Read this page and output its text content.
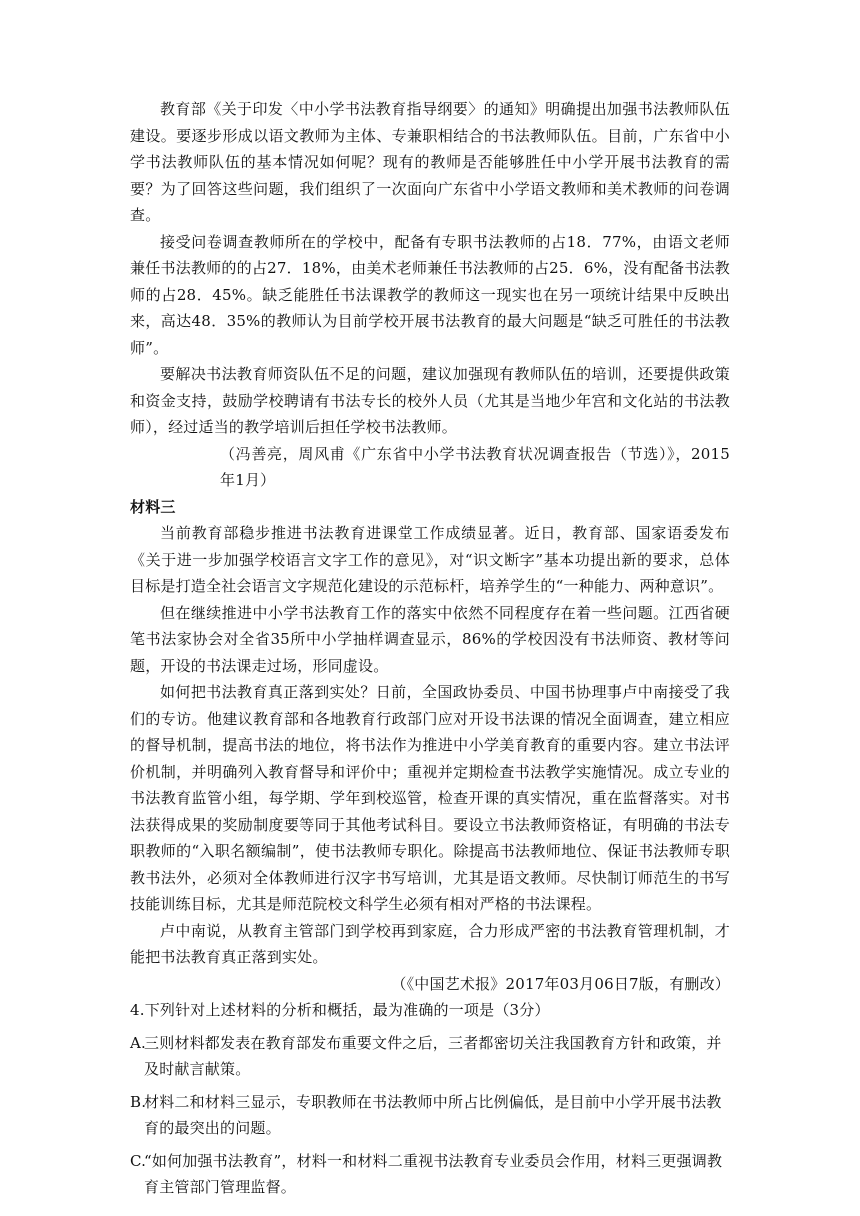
教育部《关于印发〈中小学书法教育指导纲要〉的通知》明确提出加强书法教师队伍建设。要逐步形成以语文教师为主体、专兼职相结合的书法教师队伍。目前，广东省中小学书法教师队伍的基本情况如何呢？现有的教师是否能够胜任中小学开展书法教育的需要？为了回答这些问题，我们组织了一次面向广东省中小学语文教师和美术教师的问卷调查。

接受问卷调查教师所在的学校中，配备有专职书法教师的占18．77%，由语文老师兼任书法教师的的占27．18%，由美术老师兼任书法教师的占25．6%，没有配备书法教师的占28．45%。缺乏能胜任书法课教学的教师这一现实也在另一项统计结果中反映出来，高达48．35%的教师认为目前学校开展书法教育的最大问题是“缺乏可胜任的书法教师”。

要解决书法教育师资队伍不足的问题，建议加强现有教师队伍的培训，还要提供政策和资金支持，鼓励学校聘请有书法专长的校外人员（尤其是当地少年宫和文化站的书法教师），经过适当的教学培训后担任学校书法教师。

（冯善亮，周风甫《广东省中小学书法教育状况调查报告（节选）》，2015年1月）

材料三

当前教育部稳步推进书法教育进课堂工作成绩显著。近日，教育部、国家语委发布《关于进一步加强学校语言文字工作的意见》，对“识文断字”基本功提出新的要求，总体目标是打造全社会语言文字规范化建设的示范标杆，培养学生的“一种能力、两种意识”。

但在继续推进中小学书法教育工作的落实中依然不同程度存在着一些问题。江西省硬笔书法家协会对全省35所中小学抽样调查显示，86%的学校因没有书法师资、教材等问题，开设的书法课走过场，形同虚设。

如何把书法教育真正落到实处？日前，全国政协委员、中国书协理事卢中南接受了我们的专访。他建议教育部和各地教育行政部门应对开设书法课的情况全面调查，建立相应的督导机制，提高书法的地位，将书法作为推进中小学美育教育的重要内容。建立书法评价机制，并明确列入教育督导和评价中；重视并定期检查书法教学实施情况。成立专业的书法教育监管小组，每学期、学年到校巡管，检查开课的真实情况，重在监督落实。对书法获得成果的奖励制度要等同于其他考试科目。要设立书法教师资格证，有明确的书法专职教师的“入职名额编制”，使书法教师专职化。除提高书法教师地位、保证书法教师专职教书法外，必须对全体教师进行汉字书写培训，尤其是语文教师。尽快制订师范生的书写技能训练目标，尤其是师范院校文科学生必须有相对严格的书法课程。

卢中南说，从教育主管部门到学校再到家庭，合力形成严密的书法教育管理机制，才能把书法教育真正落到实处。

（《中国艺术报》2017年03月06日7版，有删改）

4.下列针对上述材料的分析和概括，最为准确的一项是（3分）

A.三则材料都发表在教育部发布重要文件之后，三者都密切关注我国教育方针和政策，并及时献言献策。
B.材料二和材料三显示，专职教师在书法教师中所占比例偏低，是目前中小学开展书法教育的最突出的问题。
C.“如何加强书法教育”，材料一和材料二重视书法教育专业委员会作用，材料三更强调教育主管部门管理监督。
